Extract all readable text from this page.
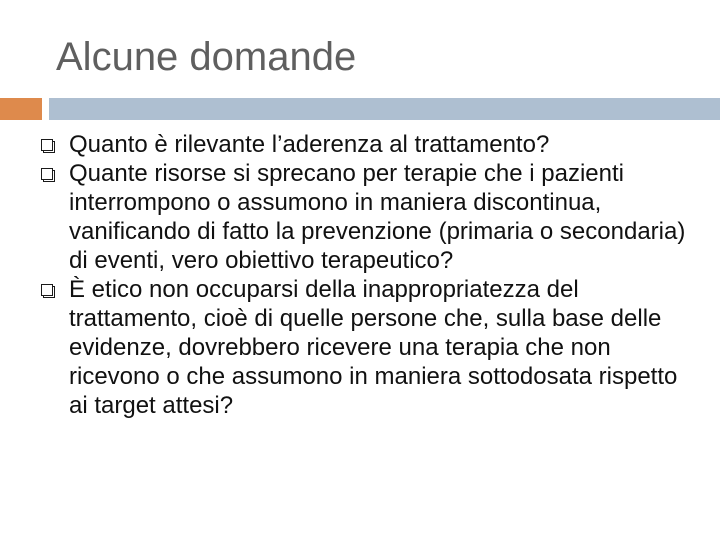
Alcune domande
Quanto è rilevante l’aderenza al trattamento?
Quante risorse si sprecano per terapie che i pazienti interrompono o assumono in maniera discontinua, vanificando di fatto la prevenzione (primaria o secondaria) di eventi, vero obiettivo terapeutico?
È etico non occuparsi della inappropriatezza del trattamento, cioè di quelle persone che, sulla base delle evidenze, dovrebbero ricevere una terapia che non ricevono o che assumono in maniera sottodosata rispetto ai target attesi?
